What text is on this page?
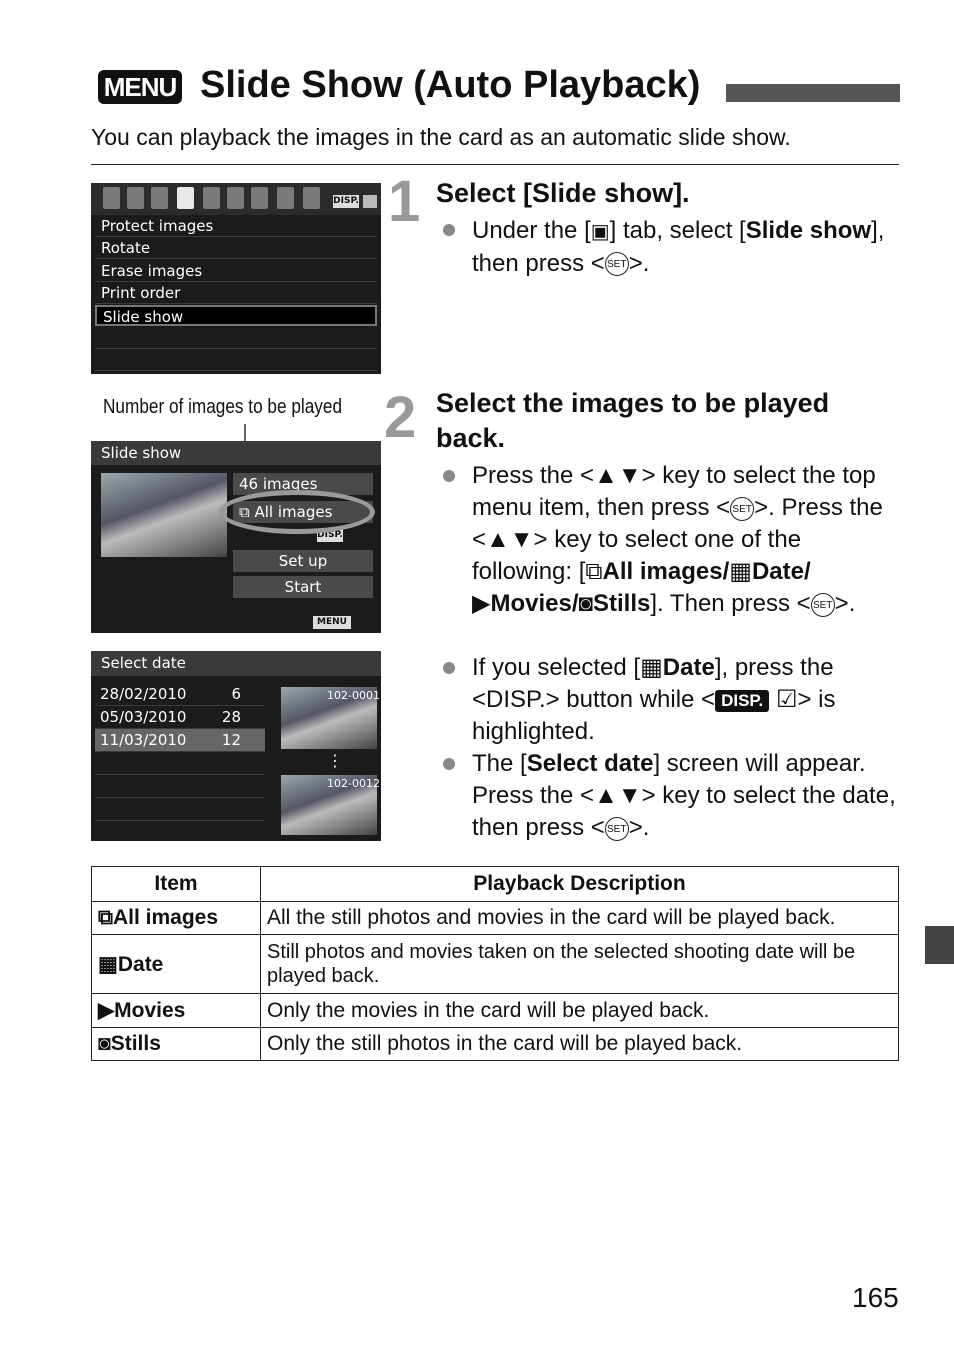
MENU Slide Show (Auto Playback)
You can playback the images in the card as an automatic slide show.
DISP.
Protect images
Rotate
Erase images
Print order
Slide show
Number of images to be played
Slide show
46 images
⧉ All images
DISP.
Set up
Start
MENU
Select date
28/02/2010	6
05/03/2010 28
11/03/2010 12
102-0001
⋮
102-0012
1 Select [Slide show].
Under the [▣] tab, select [Slide show], then press < SET>.
2 Select the images to be played back.
Press the <▲▼> key to select the top menu item, then press < SET>. Press the <▲▼> key to select one of the following: [⧉All images/▦Date/▶Movies/◙Stills]. Then press < SET>.
If you selected [▦Date], press the <DISP.> button while < DISP. ☑> is highlighted.
The [Select date] screen will appear. Press the <▲▼> key to select the date, then press < SET>.
Item	Playback Description
⧉All images	All the still photos and movies in the card will be played back.
▦Date	Still photos and movies taken on the selected shooting date will be played back.
▶Movies	Only the movies in the card will be played back.
◙Stills	Only the still photos in the card will be played back.
165
